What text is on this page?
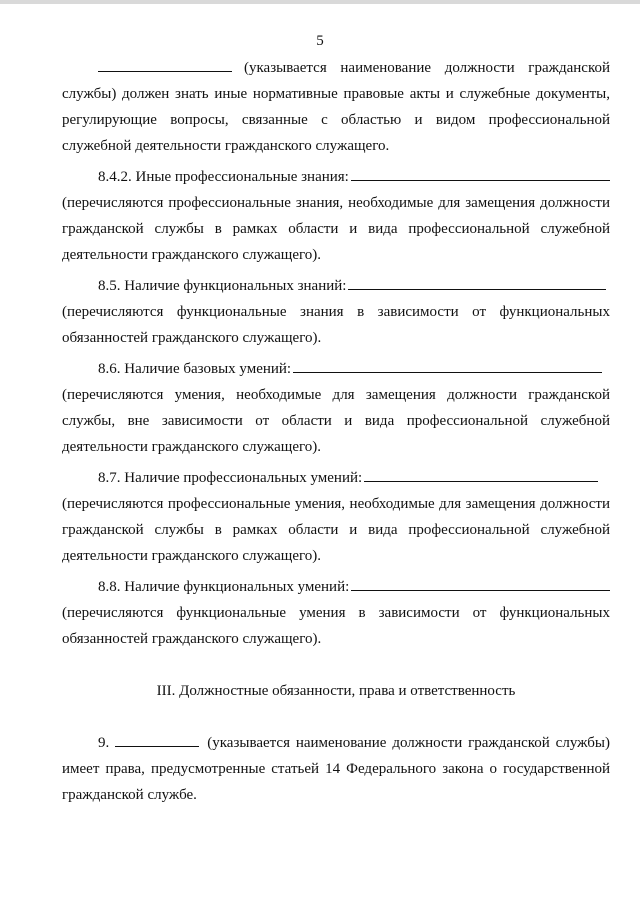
5
(указывается наименование должности гражданской

службы) должен знать иные нормативные правовые акты и служебные документы, регулирующие вопросы, связанные с областью и видом профессиональной служебной деятельности гражданского служащего.

8.4.2. Иные профессиональные знания:

(перечисляются профессиональные знания, необходимые для замещения должности гражданской службы в рамках области и вида профессиональной служебной деятельности гражданского служащего).

8.5. Наличие функциональных знаний:

(перечисляются функциональные знания в зависимости от функциональных обязанностей гражданского служащего).

8.6. Наличие базовых умений:

(перечисляются умения, необходимые для замещения должности гражданской службы, вне зависимости от области и вида профессиональной служебной деятельности гражданского служащего).

8.7. Наличие профессиональных умений:

(перечисляются профессиональные умения, необходимые для замещения должности гражданской службы в рамках области и вида профессиональной служебной деятельности гражданского служащего).

8.8. Наличие функциональных умений:

(перечисляются функциональные умения в зависимости от функциональных обязанностей гражданского служащего).

III. Должностные обязанности, права и ответственность
9.	(указывается наименование должности гражданской службы)

имеет права, предусмотренные статьей 14 Федерального закона о государственной гражданской службе.
